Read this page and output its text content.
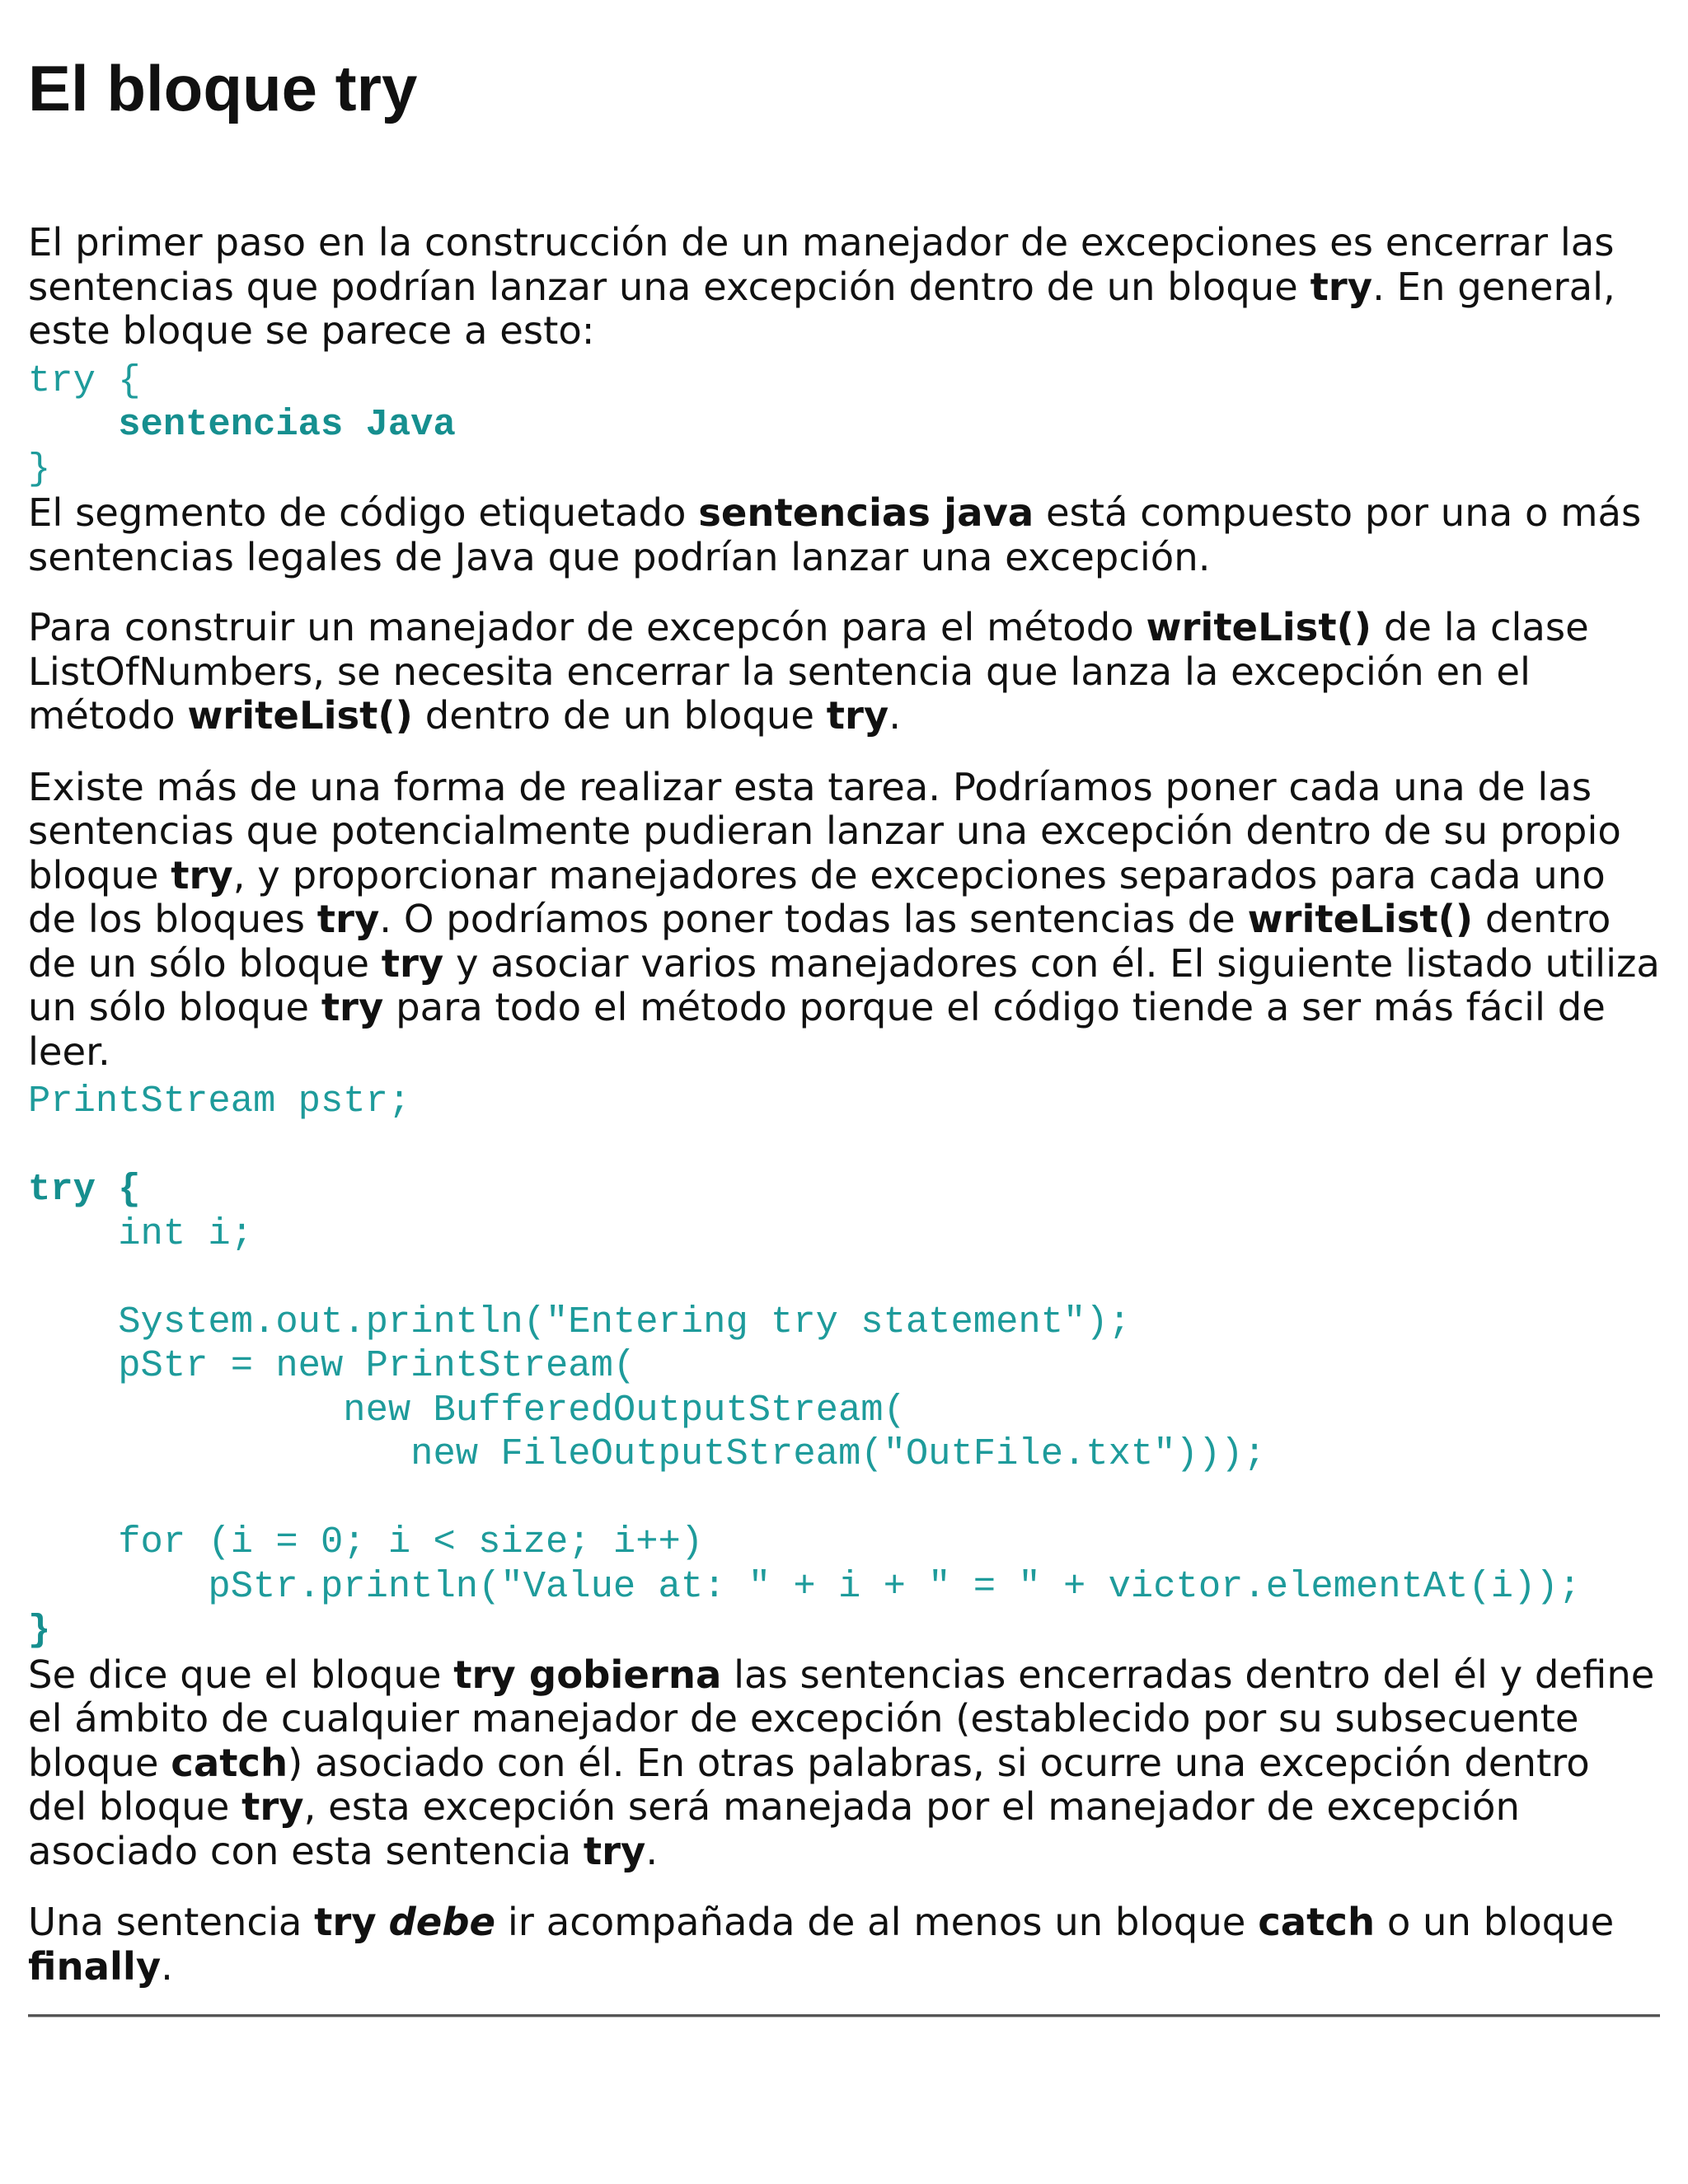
El bloque try

El primer paso en la construcción de un manejador de excepciones es encerrar las sentencias que podrían lanzar una excepción dentro de un bloque try. En general, este bloque se parece a esto:

try {
sentencias Java
}

El segmento de código etiquetado sentencias java está compuesto por una o más sentencias legales de Java que podrían lanzar una excepción.

Para construir un manejador de excepcón para el método writeList() de la clase ListOfNumbers, se necesita encerrar la sentencia que lanza la excepción en el método writeList() dentro de un bloque try.

Existe más de una forma de realizar esta tarea. Podríamos poner cada una de las sentencias que potencialmente pudieran lanzar una excepción dentro de su propio bloque try, y proporcionar manejadores de excepciones separados para cada uno de los bloques try. O podríamos poner todas las sentencias de writeList() dentro de un sólo bloque try y asociar varios manejadores con él. El siguiente listado utiliza un sólo bloque try para todo el método porque el código tiende a ser más fácil de leer.

PrintStream pstr;

try {
int i;

System.out.println("Entering try statement");
pStr = new PrintStream(
new BufferedOutputStream(
new FileOutputStream("OutFile.txt")));

for (i = 0; i < size; i++)
pStr.println("Value at: " + i + " = " + victor.elementAt(i));
}

Se dice que el bloque try gobierna las sentencias encerradas dentro del él y define el ámbito de cualquier manejador de excepción (establecido por su subsecuente bloque catch) asociado con él. En otras palabras, si ocurre una excepción dentro del bloque try, esta excepción será manejada por el manejador de excepción asociado con esta sentencia try.

Una sentencia try debe ir acompañada de al menos un bloque catch o un bloque finally.
